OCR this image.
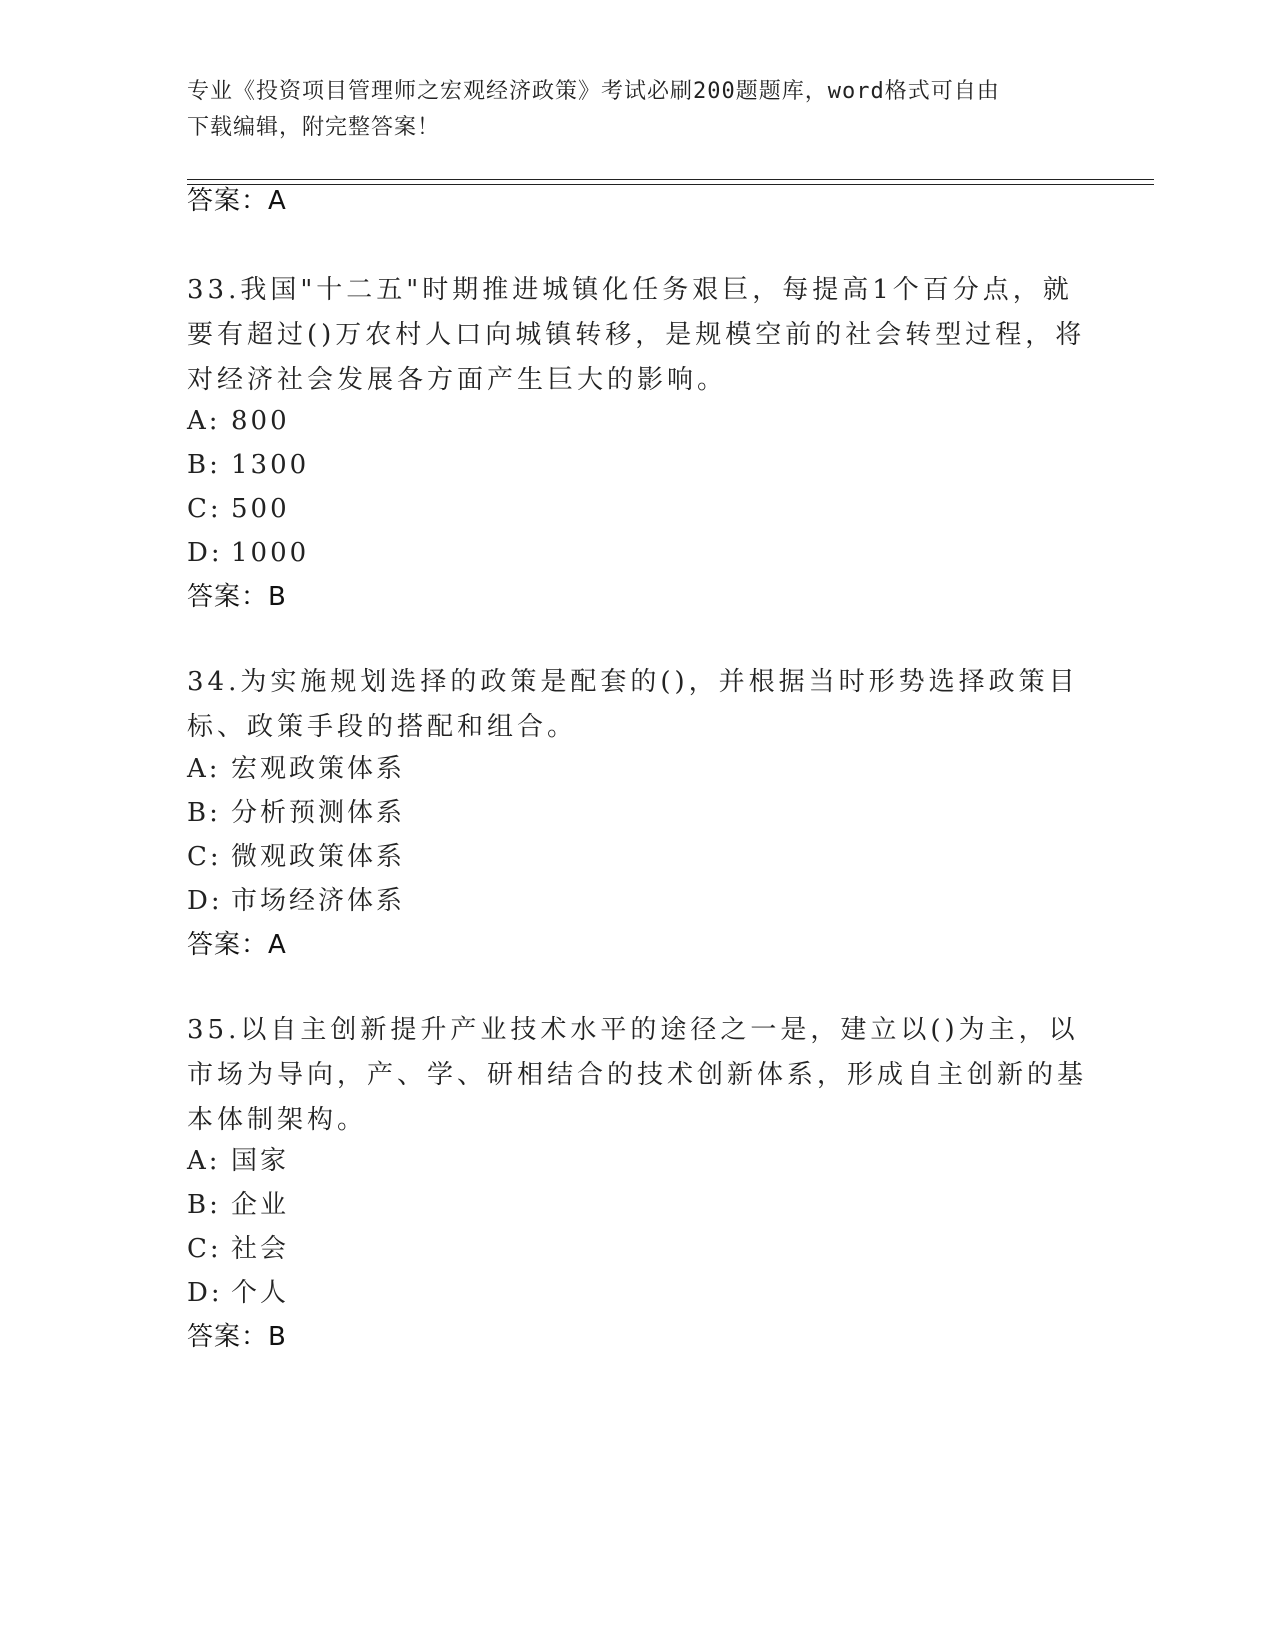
专业《投资项目管理师之宏观经济政策》考试必刷200题题库，word格式可自由
下载编辑，附完整答案！
答案：A
33.我国"十二五"时期推进城镇化任务艰巨，每提高1个百分点，就要有超过()万农村人口向城镇转移，是规模空前的社会转型过程，将对经济社会发展各方面产生巨大的影响。
A: 800
B: 1300
C: 500
D: 1000
答案：B
34.为实施规划选择的政策是配套的()，并根据当时形势选择政策目标、政策手段的搭配和组合。
A: 宏观政策体系
B: 分析预测体系
C: 微观政策体系
D: 市场经济体系
答案：A
35.以自主创新提升产业技术水平的途径之一是，建立以()为主，以市场为导向，产、学、研相结合的技术创新体系，形成自主创新的基本体制架构。
A: 国家
B: 企业
C: 社会
D: 个人
答案：B
